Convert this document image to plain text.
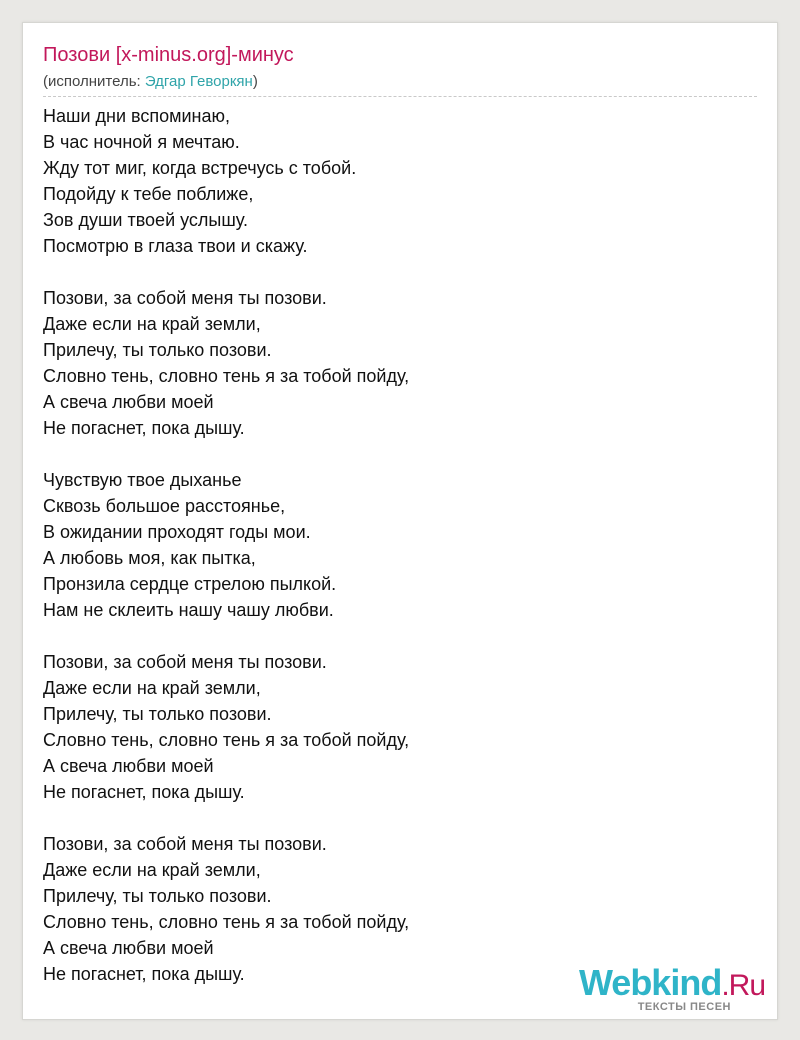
Позови [x-minus.org]-минус
(исполнитель: Эдгар Геворкян)
Наши дни вспоминаю,
В час ночной я мечтаю.
Жду тот миг, когда встречусь с тобой.
Подойду к тебе поближе,
Зов души твоей услышу.
Посмотрю в глаза твои и скажу.
Позови, за собой меня ты позови.
Даже если на край земли,
Прилечу, ты только позови.
Словно тень, словно тень я за тобой пойду,
А свеча любви моей
Не погаснет, пока дышу.
Чувствую твое дыханье
Сквозь большое расстоянье,
В ожидании проходят годы мои.
А любовь моя, как пытка,
Пронзила сердце стрелою пылкой.
Нам не склеить нашу чашу любви.
Позови, за собой меня ты позови.
Даже если на край земли,
Прилечу, ты только позови.
Словно тень, словно тень я за тобой пойду,
А свеча любви моей
Не погаснет, пока дышу.
Позови, за собой меня ты позови.
Даже если на край земли,
Прилечу, ты только позови.
Словно тень, словно тень я за тобой пойду,
А свеча любви моей
Не погаснет, пока дышу.	Webkind.Ru
ТЕКСТЫ ПЕСЕН
